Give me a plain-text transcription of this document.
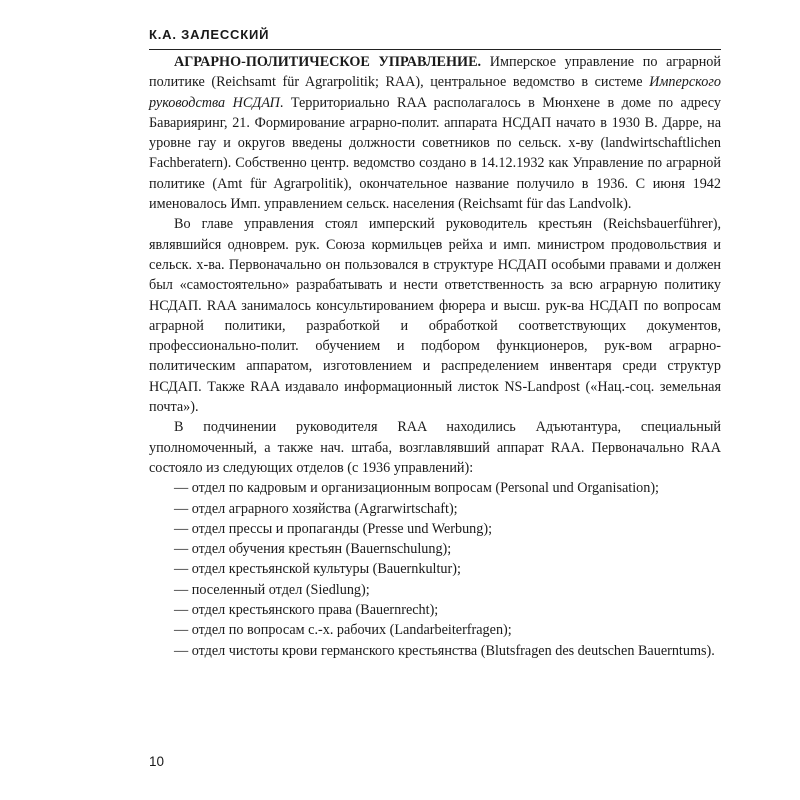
К.А. ЗАЛЕССКИЙ

АГРАРНО-ПОЛИТИЧЕСКОЕ УПРАВЛЕНИЕ. Имперское управление по аграрной политике (Reichsamt für Agrarpolitik; RAA), центральное ведомство в системе Имперского руководства НСДАП. Территориально RAA располагалось в Мюнхене в доме по адресу Баварияринг, 21. Формирование аграрно-полит. аппарата НСДАП начато в 1930 В. Дарре, на уровне гау и округов введены должности советников по сельск. х-ву (landwirtschaftlichen Fachberatern). Собственно центр. ведомство создано в 14.12.1932 как Управление по аграрной политике (Amt für Agrarpolitik), окончательное название получило в 1936. С июня 1942 именовалось Имп. управлением сельск. населения (Reichsamt für das Landvolk).

Во главе управления стоял имперский руководитель крестьян (Reichsbauerführer), являвшийся одноврем. рук. Союза кормильцев рейха и имп. министром продовольствия и сельск. х-ва. Первоначально он пользовался в структуре НСДАП особыми правами и должен был «самостоятельно» разрабатывать и нести ответственность за всю аграрную политику НСДАП. RAA занималось консультированием фюрера и высш. рук-ва НСДАП по вопросам аграрной политики, разработкой и обработкой соответствующих документов, профессионально-полит. обучением и подбором функционеров, рук-вом аграрно-политическим аппаратом, изготовлением и распределением инвентаря среди структур НСДАП. Также RAA издавало информационный листок NS-Landpost («Нац.-соц. земельная почта»).

В подчинении руководителя RAA находились Адъютантура, специальный уполномоченный, а также нач. штаба, возглавлявший аппарат RAA. Первоначально RAA состояло из следующих отделов (с 1936 управлений):

— отдел по кадровым и организационным вопросам (Personal und Organisation);

— отдел аграрного хозяйства (Agrarwirtschaft);

— отдел прессы и пропаганды (Presse und Werbung);

— отдел обучения крестьян (Bauernschulung);

— отдел крестьянской культуры (Bauernkultur);

— поселенный отдел (Siedlung);

— отдел крестьянского права (Bauernrecht);

— отдел по вопросам с.-х. рабочих (Landarbeiterfragen);

— отдел чистоты крови германского крестьянства (Blutsfragen des deutschen Bauerntums).

10
